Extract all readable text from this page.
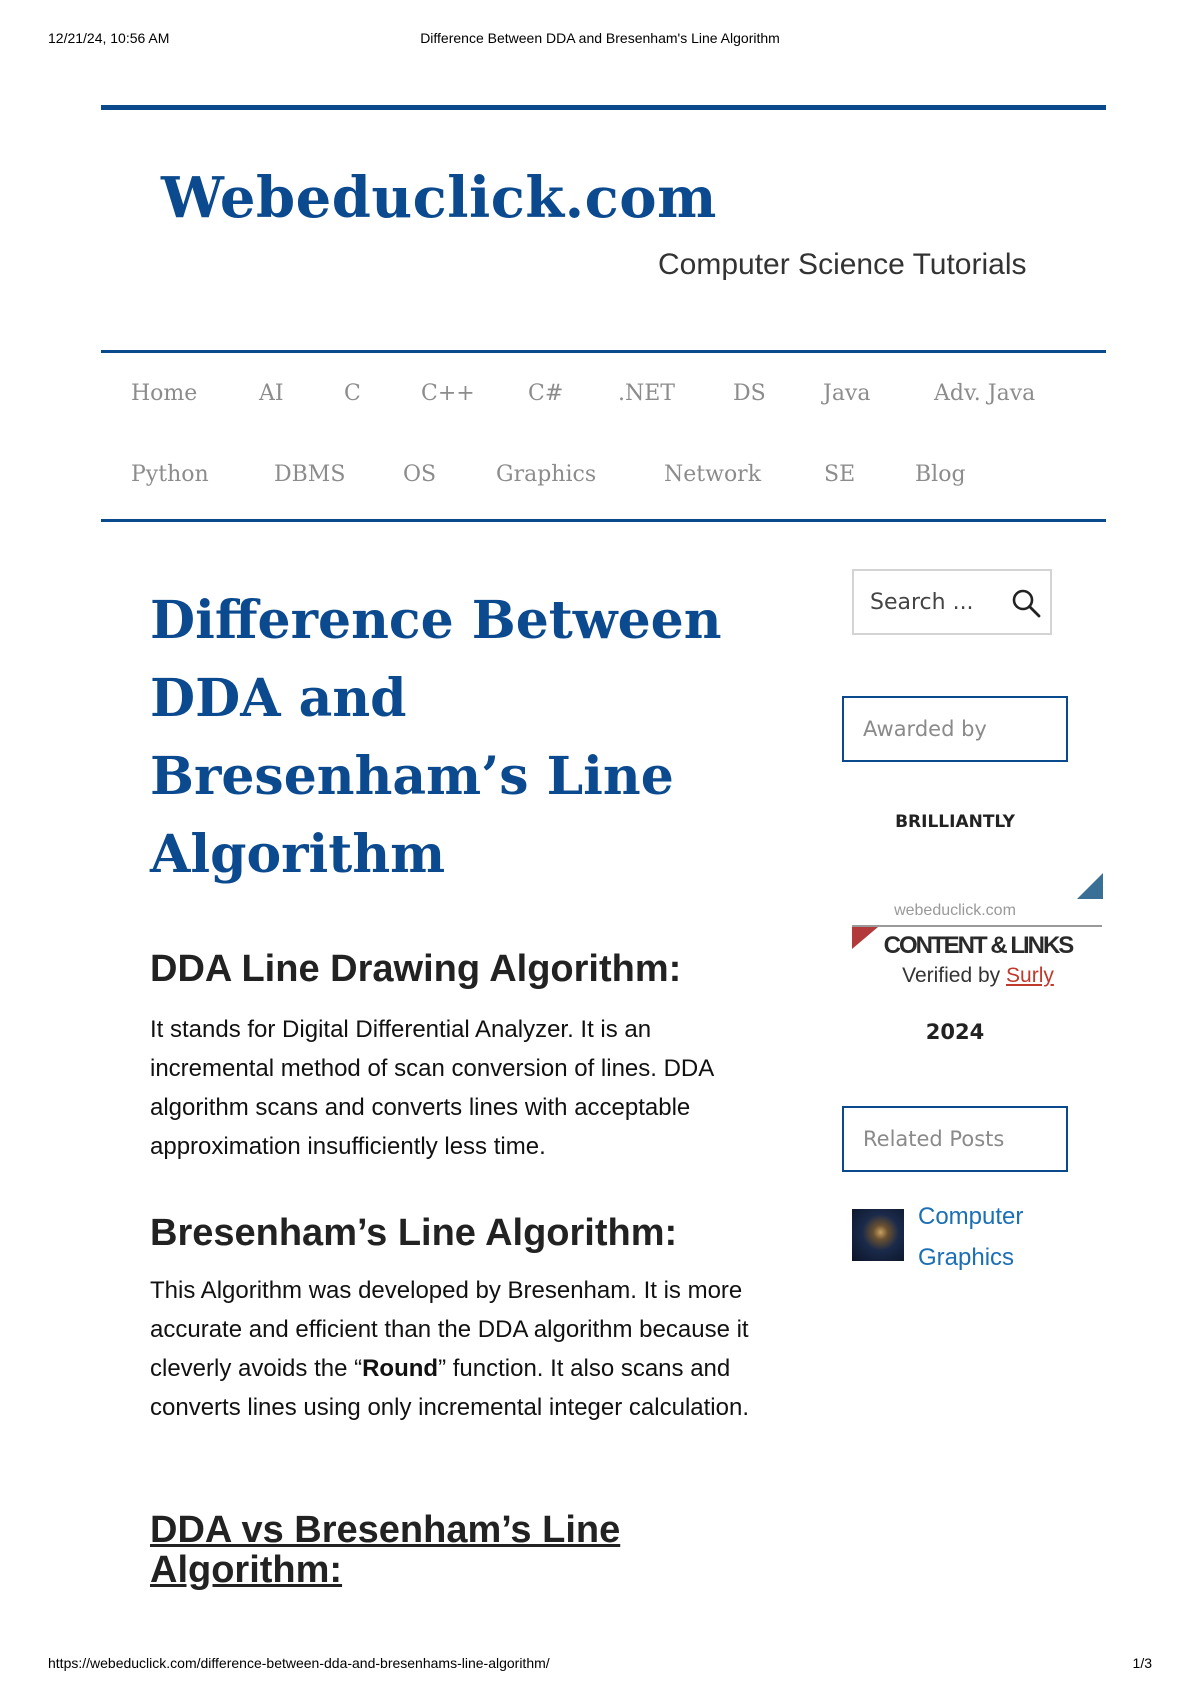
12/21/24, 10:56 AM	Difference Between DDA and Bresenham's Line Algorithm
Webeduclick.com
Computer Science Tutorials
Home	AI	C	C++ C# .NET	DS	Java	Adv. Java
Python	DBMS	OS	Graphics	Network	SE	Blog
Difference Between DDA and Bresenham’s Line Algorithm
DDA Line Drawing Algorithm:

It stands for Digital Differential Analyzer. It is an incremental method of scan conversion of lines. DDA algorithm scans and converts lines with acceptable approximation insufficiently less time.

Bresenham’s Line Algorithm:

This Algorithm was developed by Bresenham. It is more accurate and efficient than the DDA algorithm because it cleverly avoids the “Round” function. It also scans and converts lines using only incremental integer calculation.

DDA vs Bresenham’s Line Algorithm:
Search ...
Awarded by
BRILLIANTLY
webeduclick.com
CONTENT & LINKS
Verified by Surly
2024
Related Posts
Computer Graphics
https://webeduclick.com/difference-between-dda-and-bresenhams-line-algorithm/	1/3
